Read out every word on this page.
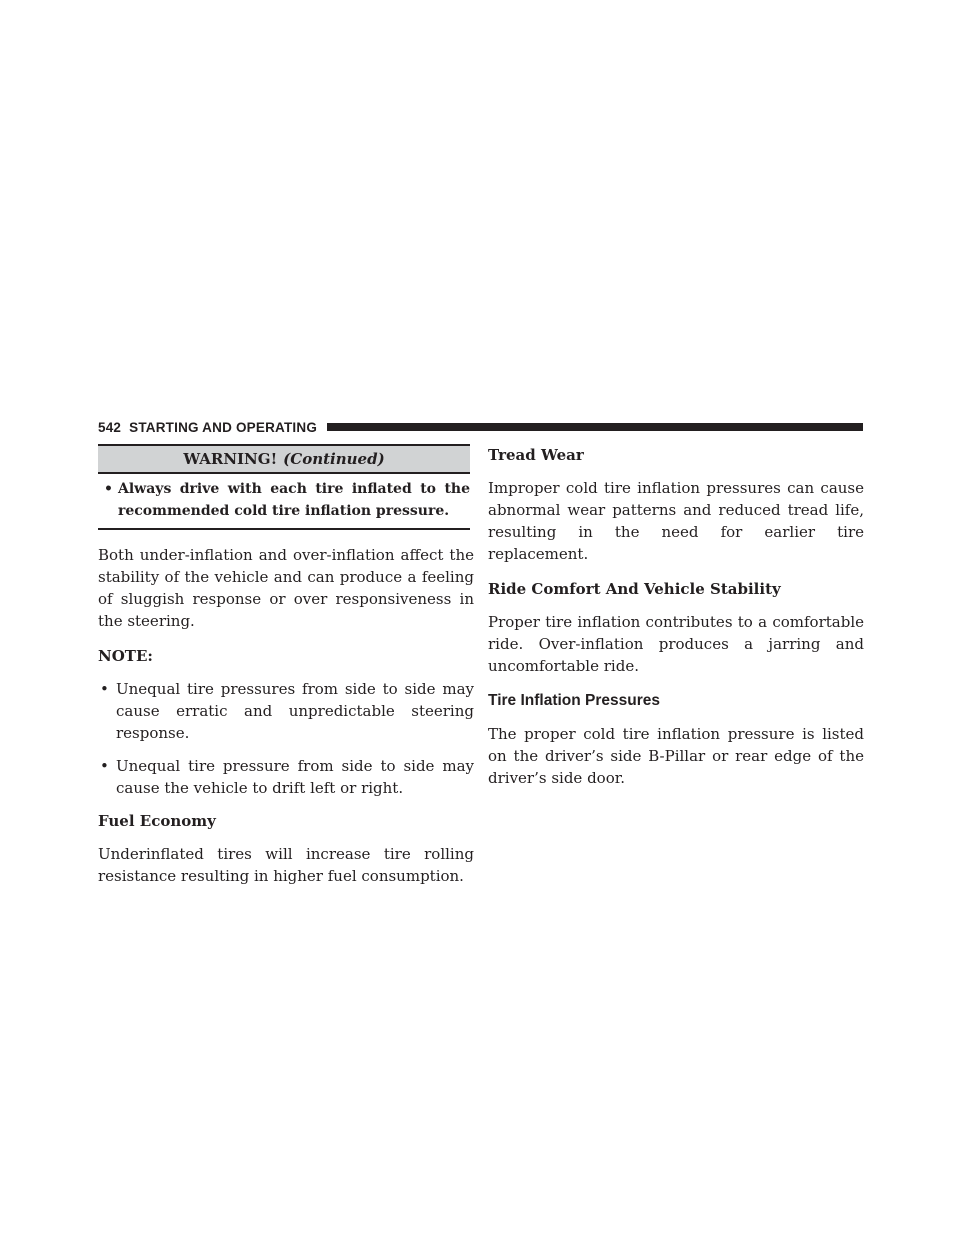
542 STARTING AND OPERATING
WARNING! (Continued)
• Always drive with each tire inflated to the recommended cold tire inflation pressure.

Both under-inflation and over-inflation affect the stability of the vehicle and can produce a feeling of sluggish response or over responsiveness in the steering.

NOTE:
• Unequal tire pressures from side to side may cause erratic and unpredictable steering response.
• Unequal tire pressure from side to side may cause the vehicle to drift left or right.
Fuel Economy

Underinflated tires will increase tire rolling resistance resulting in higher fuel consumption.

Tread Wear

Improper cold tire inflation pressures can cause abnormal wear patterns and reduced tread life, resulting in the need for earlier tire replacement.

Ride Comfort And Vehicle Stability

Proper tire inflation contributes to a comfortable ride. Over-inflation produces a jarring and uncomfortable ride.

Tire Inflation Pressures

The proper cold tire inflation pressure is listed on the driver’s side B-Pillar or rear edge of the driver’s side door.
